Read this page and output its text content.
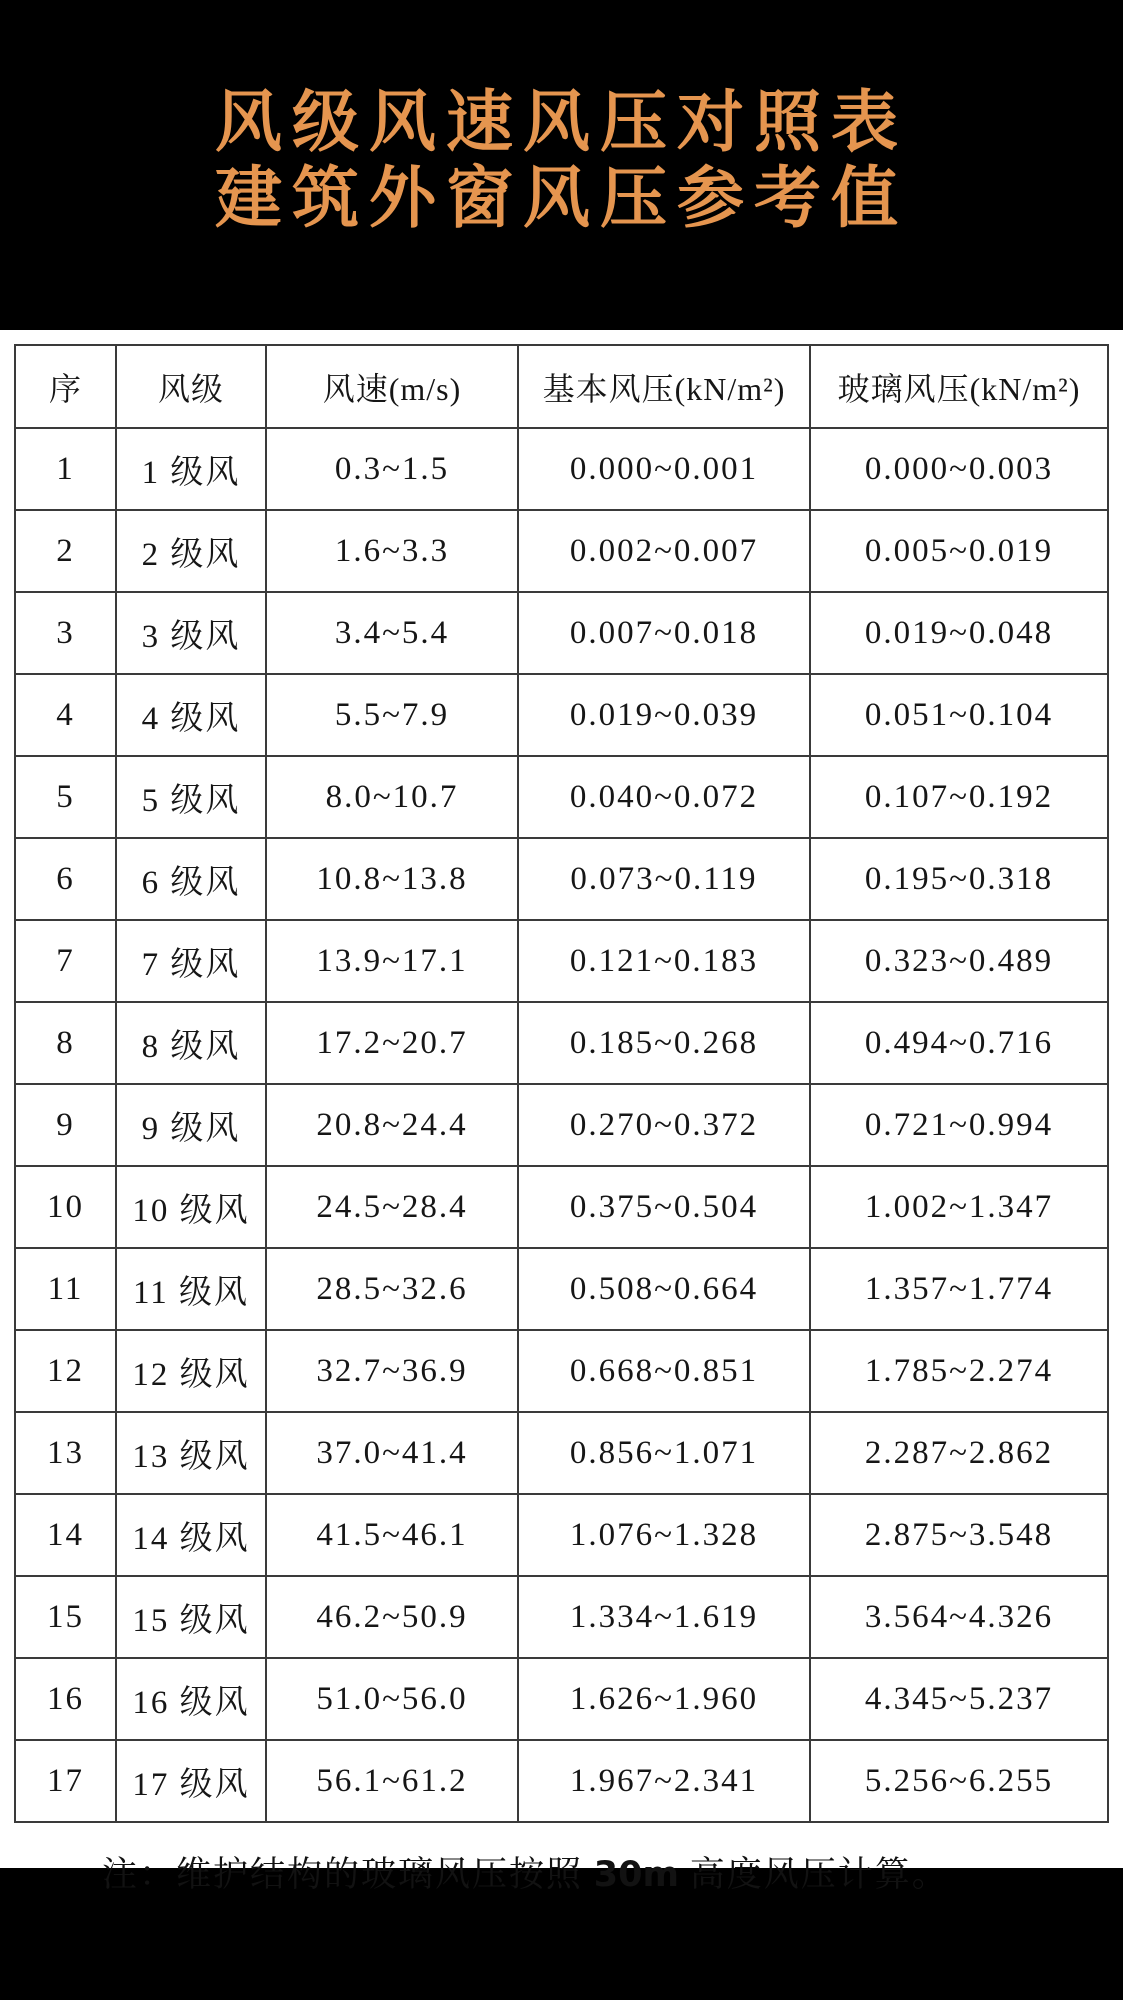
风级风速风压对照表
建筑外窗风压参考值
序	风级	风速(m/s)	基本风压(kN/m²)	玻璃风压(kN/m²)
1	1 级风	0.3~1.5	0.000~0.001	0.000~0.003
2	2 级风	1.6~3.3	0.002~0.007	0.005~0.019
3	3 级风	3.4~5.4	0.007~0.018	0.019~0.048
4	4 级风	5.5~7.9	0.019~0.039	0.051~0.104
5	5 级风	8.0~10.7	0.040~0.072	0.107~0.192
6	6 级风	10.8~13.8	0.073~0.119	0.195~0.318
7	7 级风	13.9~17.1	0.121~0.183	0.323~0.489
8	8 级风	17.2~20.7	0.185~0.268	0.494~0.716
9	9 级风	20.8~24.4	0.270~0.372	0.721~0.994
10	10 级风	24.5~28.4	0.375~0.504	1.002~1.347
11	11 级风	28.5~32.6	0.508~0.664	1.357~1.774
12	12 级风	32.7~36.9	0.668~0.851	1.785~2.274
13	13 级风	37.0~41.4	0.856~1.071	2.287~2.862
14	14 级风	41.5~46.1	1.076~1.328	2.875~3.548
15	15 级风	46.2~50.9	1.334~1.619	3.564~4.326
16	16 级风	51.0~56.0	1.626~1.960	4.345~5.237
17	17 级风	56.1~61.2	1.967~2.341	5.256~6.255
注：维护结构的玻璃风压按照 30m 高度风压计算。
